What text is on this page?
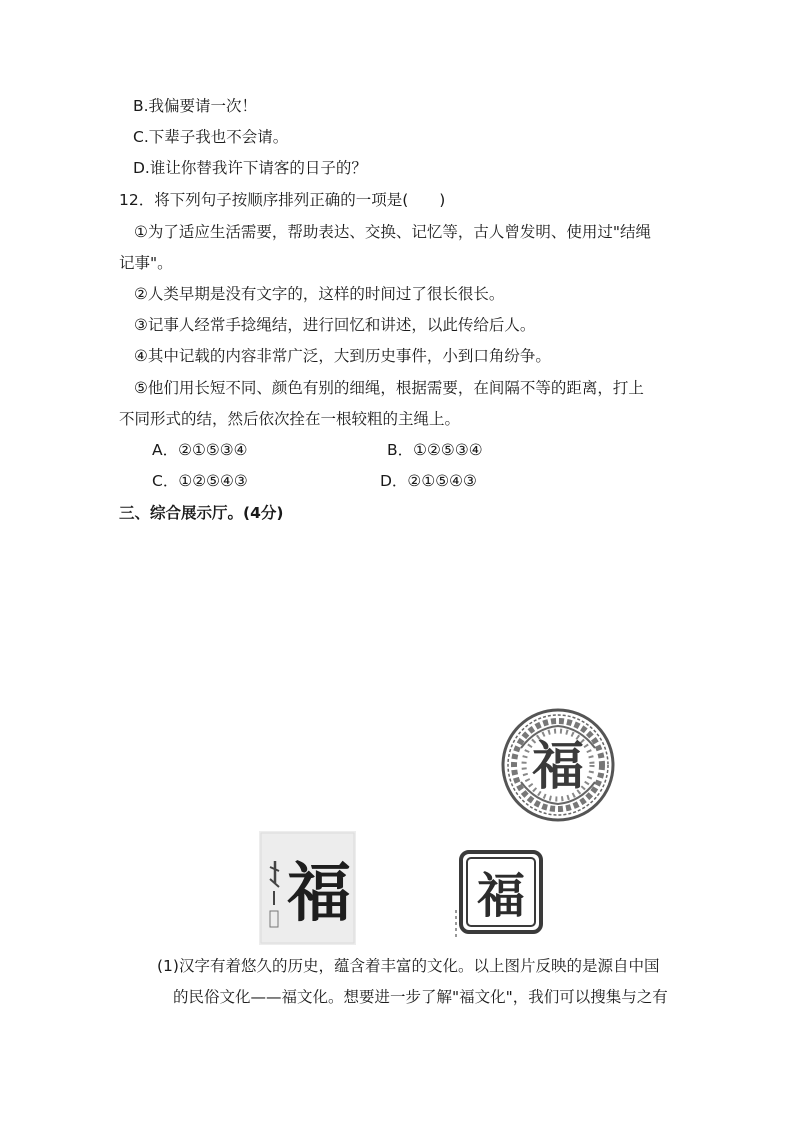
B.我偏要请一次！
C.下辈子我也不会请。
D.谁让你替我许下请客的日子的？
12．将下列句子按顺序排列正确的一项是(　　)
①为了适应生活需要，帮助表达、交换、记忆等，古人曾发明、使用过"结绳
记事"。
②人类早期是没有文字的，这样的时间过了很长很长。
③记事人经常手捻绳结，进行回忆和讲述，以此传给后人。
④其中记载的内容非常广泛，大到历史事件，小到口角纷争。
⑤他们用长短不同、颜色有别的细绳，根据需要，在间隔不等的距离，打上
不同形式的结，然后依次拴在一根较粗的主绳上。
A．②①⑤③④	B．①②⑤③④
C．①②⑤④③	D．②①⑤④③
三、综合展示厅。(4分)
福
福	福
(1)汉字有着悠久的历史，蕴含着丰富的文化。以上图片反映的是源自中国
的民俗文化——福文化。想要进一步了解"福文化"，我们可以搜集与之有
